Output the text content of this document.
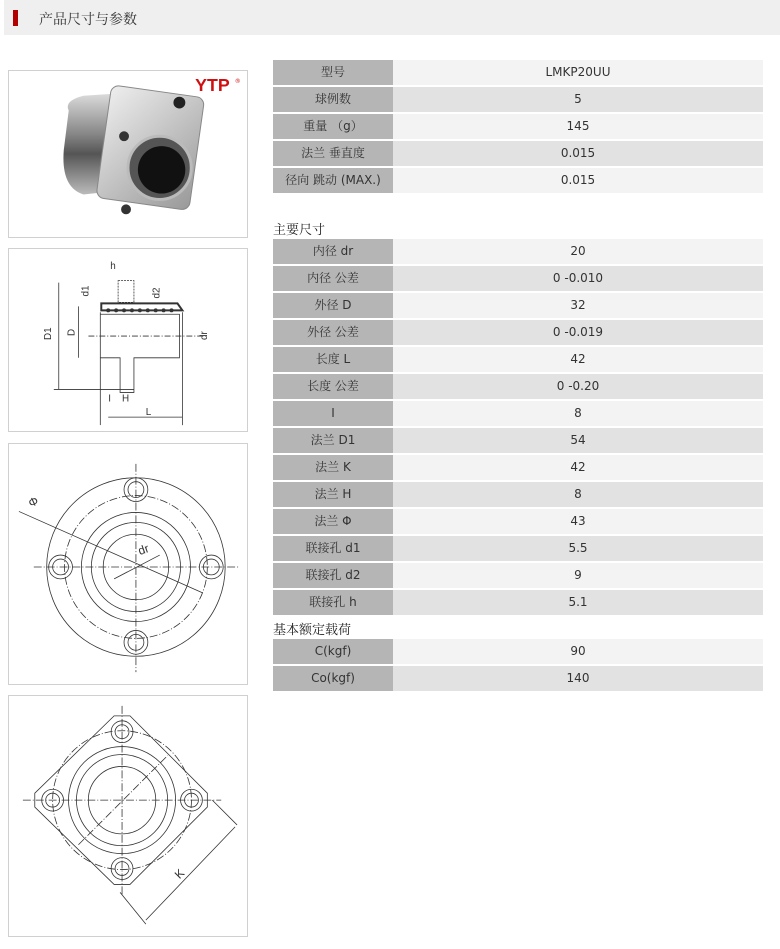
产品尺寸与参数
YTP ®
D1 D
d1	d2
dr
h
I H
L
Φ
dr
K
型号	LMKP20UU
球例数	5
重量 （g）	145
法兰 垂直度	0.015
径向 跳动 (MAX.)	0.015
主要尺寸
内径 dr	20
内径 公差	0 -0.010
外径 D	32
外径 公差	0 -0.019
长度 L	42
长度 公差	0 -0.20
I	8
法兰 D1	54
法兰 K	42
法兰 H	8
法兰 Φ	43
联接孔 d1	5.5
联接孔 d2	9
联接孔 h	5.1
基本额定载荷
C(kgf)	90
Co(kgf)	140
